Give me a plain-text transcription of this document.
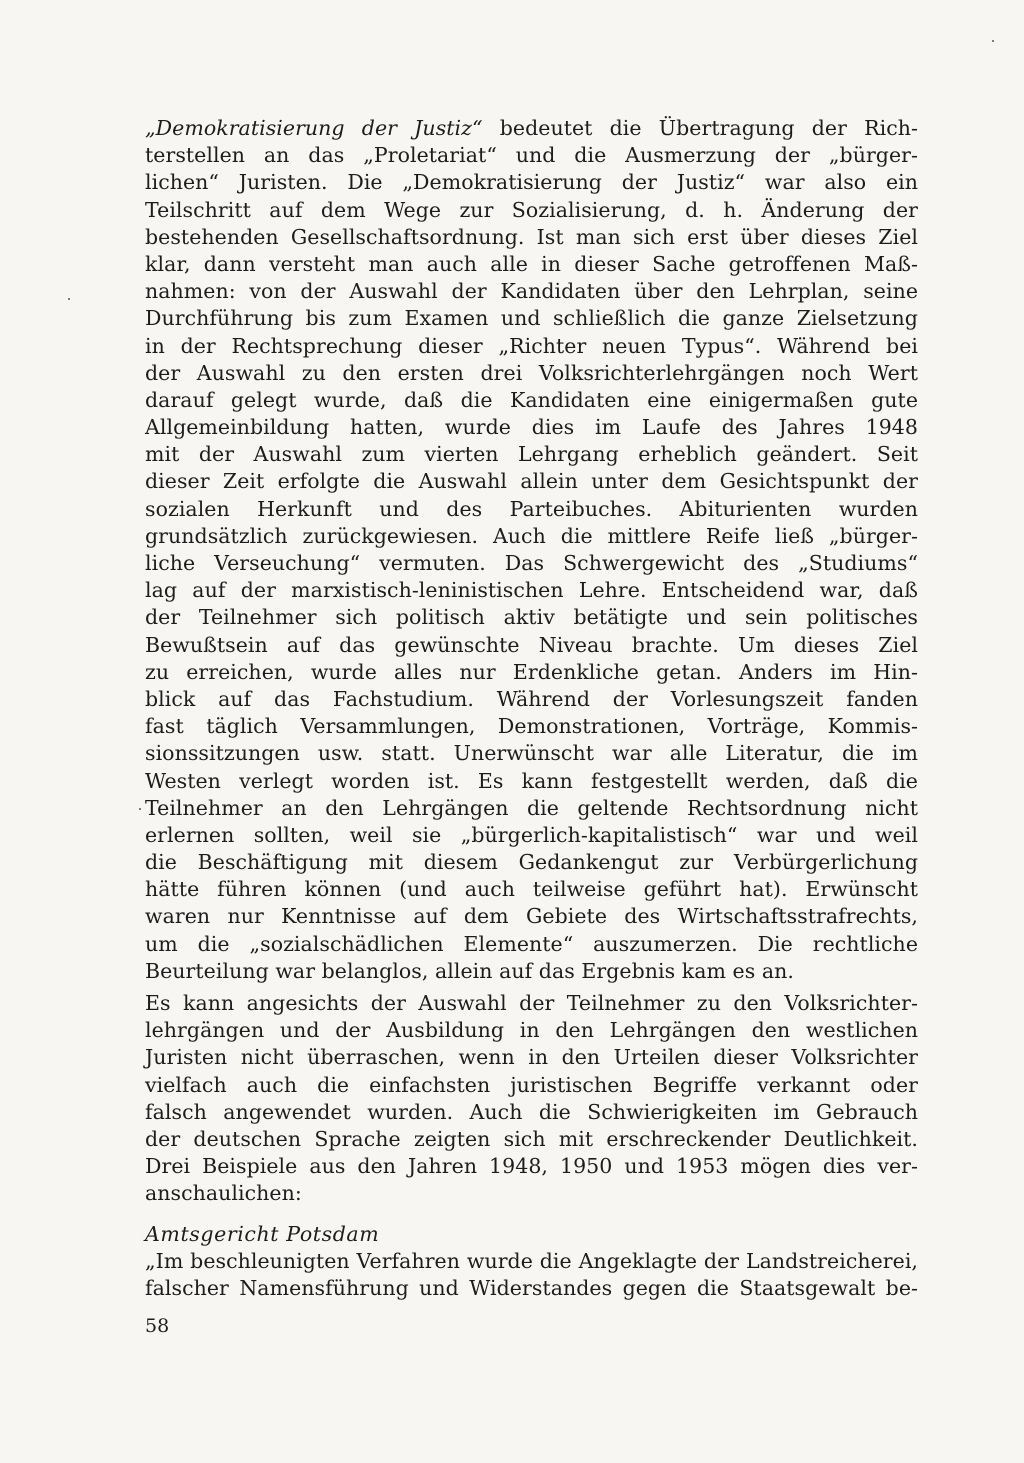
„Demokratisierung der Justiz“ bedeutet die Übertragung der Rich-
terstellen an das „Proletariat“ und die Ausmerzung der „bürger-
lichen“ Juristen. Die „Demokratisierung der Justiz“ war also ein
Teilschritt auf dem Wege zur Sozialisierung, d. h. Änderung der
bestehenden Gesellschaftsordnung. Ist man sich erst über dieses Ziel
klar, dann versteht man auch alle in dieser Sache getroffenen Maß-
nahmen: von der Auswahl der Kandidaten über den Lehrplan, seine
Durchführung bis zum Examen und schließlich die ganze Zielsetzung
in der Rechtsprechung dieser „Richter neuen Typus“. Während bei
der Auswahl zu den ersten drei Volksrichterlehrgängen noch Wert
darauf gelegt wurde, daß die Kandidaten eine einigermaßen gute
Allgemeinbildung hatten, wurde dies im Laufe des Jahres 1948
mit der Auswahl zum vierten Lehrgang erheblich geändert. Seit
dieser Zeit erfolgte die Auswahl allein unter dem Gesichtspunkt der
sozialen Herkunft und des Parteibuches. Abiturienten wurden
grundsätzlich zurückgewiesen. Auch die mittlere Reife ließ „bürger-
liche Verseuchung“ vermuten. Das Schwergewicht des „Studiums“
lag auf der marxistisch-leninistischen Lehre. Entscheidend war, daß
der Teilnehmer sich politisch aktiv betätigte und sein politisches
Bewußtsein auf das gewünschte Niveau brachte. Um dieses Ziel
zu erreichen, wurde alles nur Erdenkliche getan. Anders im Hin-
blick auf das Fachstudium. Während der Vorlesungszeit fanden
fast täglich Versammlungen, Demonstrationen, Vorträge, Kommis-
sionssitzungen usw. statt. Unerwünscht war alle Literatur, die im
Westen verlegt worden ist. Es kann festgestellt werden, daß die
Teilnehmer an den Lehrgängen die geltende Rechtsordnung nicht
erlernen sollten, weil sie „bürgerlich-kapitalistisch“ war und weil
die Beschäftigung mit diesem Gedankengut zur Verbürgerlichung
hätte führen können (und auch teilweise geführt hat). Erwünscht
waren nur Kenntnisse auf dem Gebiete des Wirtschaftsstrafrechts,
um die „sozialschädlichen Elemente“ auszumerzen. Die rechtliche
Beurteilung war belanglos, allein auf das Ergebnis kam es an.
Es kann angesichts der Auswahl der Teilnehmer zu den Volksrichter-
lehrgängen und der Ausbildung in den Lehrgängen den westlichen
Juristen nicht überraschen, wenn in den Urteilen dieser Volksrichter
vielfach auch die einfachsten juristischen Begriffe verkannt oder
falsch angewendet wurden. Auch die Schwierigkeiten im Gebrauch
der deutschen Sprache zeigten sich mit erschreckender Deutlichkeit.
Drei Beispiele aus den Jahren 1948, 1950 und 1953 mögen dies ver-
anschaulichen:
Amtsgericht Potsdam
„Im beschleunigten Verfahren wurde die Angeklagte der Landstreicherei,
falscher Namensführung und Widerstandes gegen die Staatsgewalt be-
58
